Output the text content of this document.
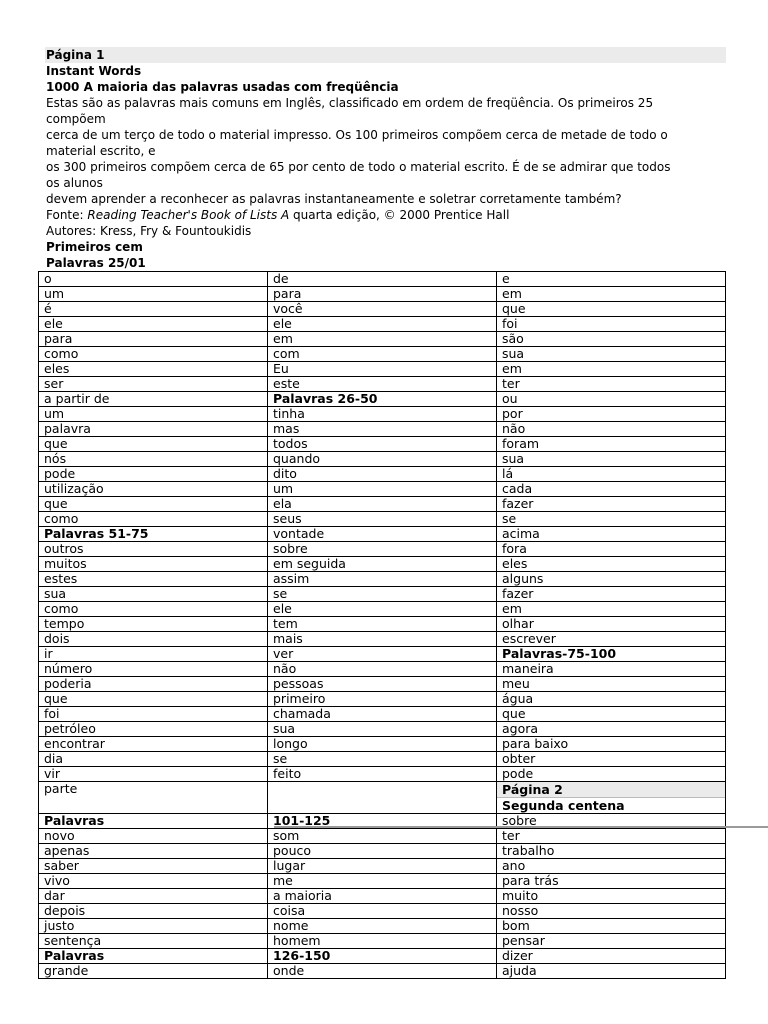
Página 1
Instant Words
1000 A maioria das palavras usadas com freqüência

Estas são as palavras mais comuns em Inglês, classificado em ordem de freqüência. Os primeiros 25

compõem

cerca de um terço de todo o material impresso. Os 100 primeiros compõem cerca de metade de todo o

material escrito, e

os 300 primeiros compõem cerca de 65 por cento de todo o material escrito. É de se admirar que todos

os alunos

devem aprender a reconhecer as palavras instantaneamente e soletrar corretamente também?

Fonte: Reading Teacher's Book of Lists A quarta edição, © 2000 Prentice Hall

Autores: Kress, Fry & Fountoukidis

Primeiros cem
Palavras 25/01
o	de	e
um	para	em
é	você	que
ele	ele	foi
para	em	são
como	com	sua
eles	Eu	em
ser	este	ter
a partir de	Palavras 26-50	ou
um	tinha	por
palavra	mas	não
que	todos	foram
nós	quando	sua
pode	dito	lá
utilização	um	cada
que	ela	fazer
como	seus	se
Palavras 51-75	vontade	acima
outros	sobre	fora
muitos	em seguida	eles
estes	assim	alguns
sua	se	fazer
como	ele	em
tempo	tem	olhar
dois	mais	escrever
ir	ver	Palavras-75-100
número	não	maneira
poderia	pessoas	meu
que	primeiro	água
foi	chamada	que
petróleo	sua	agora
encontrar	longo	para baixo
dia	se	obter
vir	feito	pode
parte		Página 2
Segunda centena

Palavras	101-125	sobre
novo	som	ter
apenas	pouco	trabalho
saber	lugar	ano
vivo	me	para trás
dar	a maioria	muito
depois	coisa	nosso
justo	nome	bom
sentença	homem	pensar
Palavras	126-150	dizer
grande	onde	ajuda
